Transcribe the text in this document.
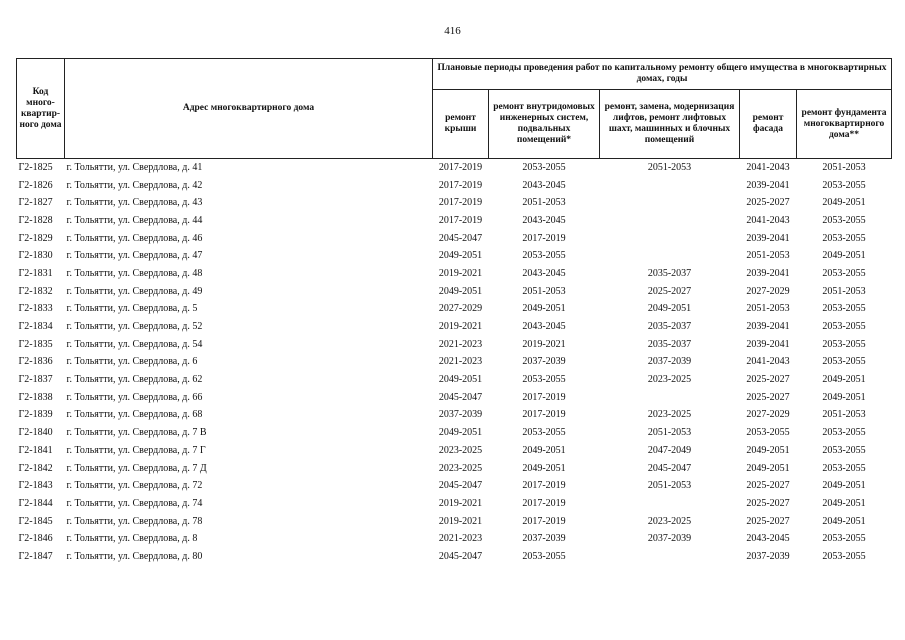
416
Код много-квартир-ного дома	Адрес многоквартирного дома	Плановые периоды проведения работ по капитальному ремонту общего имущества в многоквартирных домах, годы				
		ремонт крыши	ремонт внутридомовых инженерных систем, подвальных помещений*	ремонт, замена, модернизация лифтов, ремонт лифтовых шахт, машинных и блочных помещений	ремонт фасада	ремонт фундамента многоквартирного дома**
Г2-1825	г. Тольятти, ул. Свердлова, д. 41	2017-2019	2053-2055	2051-2053	2041-2043	2051-2053
Г2-1826	г. Тольятти, ул. Свердлова, д. 42	2017-2019	2043-2045		2039-2041	2053-2055
Г2-1827	г. Тольятти, ул. Свердлова, д. 43	2017-2019	2051-2053		2025-2027	2049-2051
Г2-1828	г. Тольятти, ул. Свердлова, д. 44	2017-2019	2043-2045		2041-2043	2053-2055
Г2-1829	г. Тольятти, ул. Свердлова, д. 46	2045-2047	2017-2019		2039-2041	2053-2055
Г2-1830	г. Тольятти, ул. Свердлова, д. 47	2049-2051	2053-2055		2051-2053	2049-2051
Г2-1831	г. Тольятти, ул. Свердлова, д. 48	2019-2021	2043-2045	2035-2037	2039-2041	2053-2055
Г2-1832	г. Тольятти, ул. Свердлова, д. 49	2049-2051	2051-2053	2025-2027	2027-2029	2051-2053
Г2-1833	г. Тольятти, ул. Свердлова, д. 5	2027-2029	2049-2051	2049-2051	2051-2053	2053-2055
Г2-1834	г. Тольятти, ул. Свердлова, д. 52	2019-2021	2043-2045	2035-2037	2039-2041	2053-2055
Г2-1835	г. Тольятти, ул. Свердлова, д. 54	2021-2023	2019-2021	2035-2037	2039-2041	2053-2055
Г2-1836	г. Тольятти, ул. Свердлова, д. 6	2021-2023	2037-2039	2037-2039	2041-2043	2053-2055
Г2-1837	г. Тольятти, ул. Свердлова, д. 62	2049-2051	2053-2055	2023-2025	2025-2027	2049-2051
Г2-1838	г. Тольятти, ул. Свердлова, д. 66	2045-2047	2017-2019		2025-2027	2049-2051
Г2-1839	г. Тольятти, ул. Свердлова, д. 68	2037-2039	2017-2019	2023-2025	2027-2029	2051-2053
Г2-1840	г. Тольятти, ул. Свердлова, д. 7 В	2049-2051	2053-2055	2051-2053	2053-2055	2053-2055
Г2-1841	г. Тольятти, ул. Свердлова, д. 7 Г	2023-2025	2049-2051	2047-2049	2049-2051	2053-2055
Г2-1842	г. Тольятти, ул. Свердлова, д. 7 Д	2023-2025	2049-2051	2045-2047	2049-2051	2053-2055
Г2-1843	г. Тольятти, ул. Свердлова, д. 72	2045-2047	2017-2019	2051-2053	2025-2027	2049-2051
Г2-1844	г. Тольятти, ул. Свердлова, д. 74	2019-2021	2017-2019		2025-2027	2049-2051
Г2-1845	г. Тольятти, ул. Свердлова, д. 78	2019-2021	2017-2019	2023-2025	2025-2027	2049-2051
Г2-1846	г. Тольятти, ул. Свердлова, д. 8	2021-2023	2037-2039	2037-2039	2043-2045	2053-2055
Г2-1847	г. Тольятти, ул. Свердлова, д. 80	2045-2047	2053-2055		2037-2039	2053-2055
